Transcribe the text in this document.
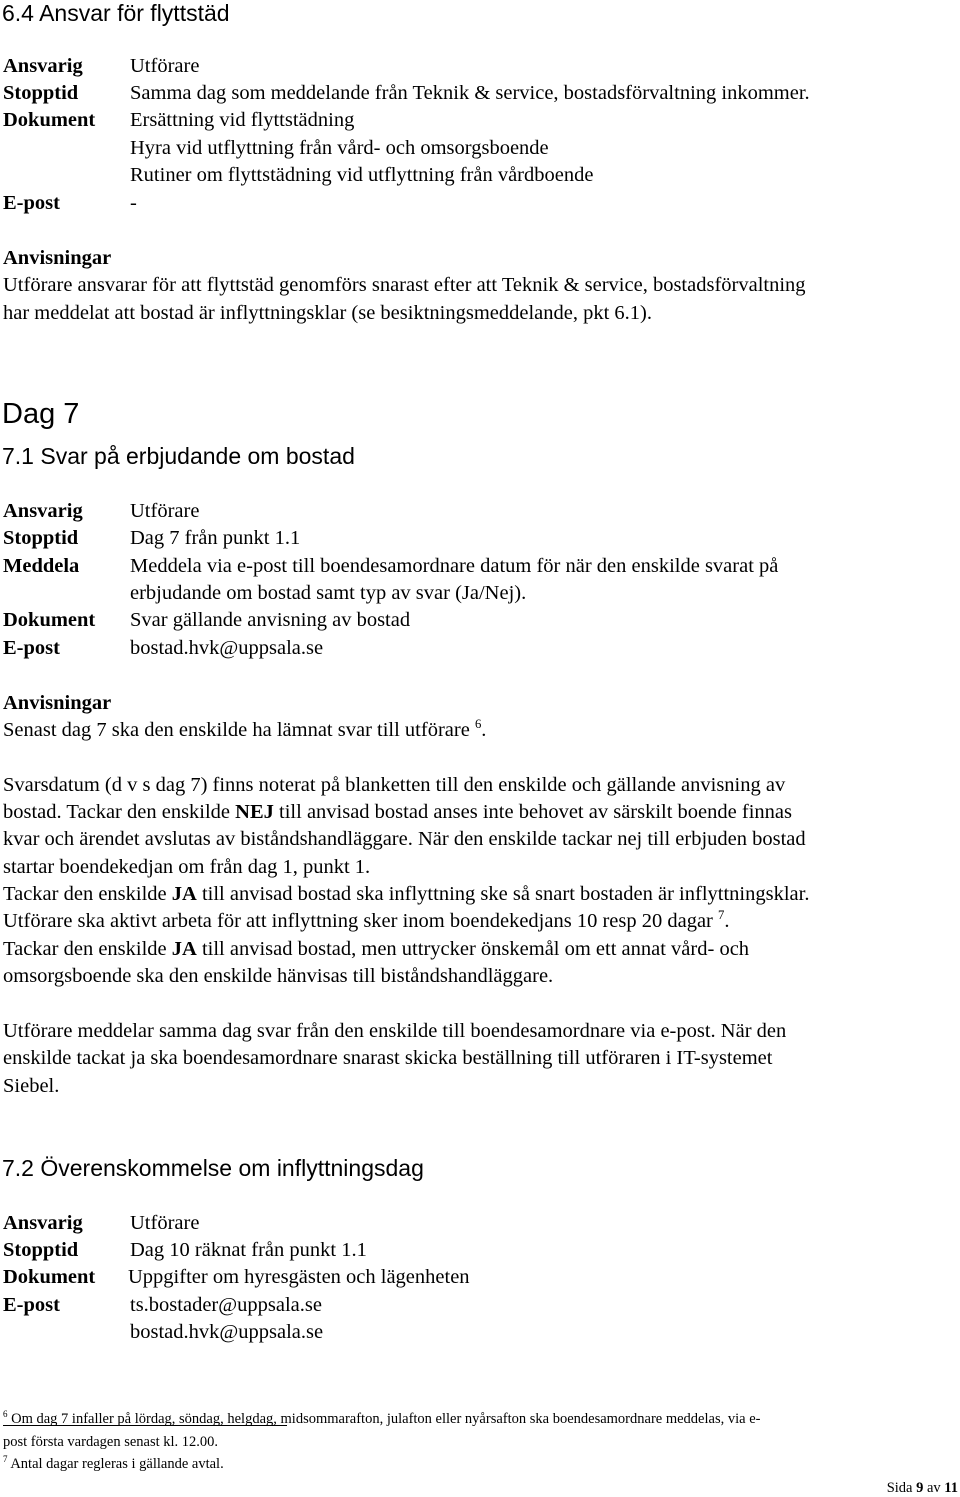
6.4 Ansvar för flyttstäd
Ansvarig Utförare
Stopptid	Samma dag som meddelande från Teknik & service, bostadsförvaltning inkommer.
Dokument Ersättning vid flyttstädning
Hyra vid utflyttning från vård- och omsorgsboende
Rutiner om flyttstädning vid utflyttning från vårdboende
E-post	-
Anvisningar
Utförare ansvarar för att flyttstäd genomförs snarast efter att Teknik & service, bostadsförvaltning
har meddelat att bostad är inflyttningsklar (se besiktningsmeddelande, pkt 6.1).
Dag 7
7.1 Svar på erbjudande om bostad
Ansvarig Utförare
Stopptid	Dag 7 från punkt 1.1
Meddela Meddela via e-post till boendesamordnare datum för när den enskilde svarat på
erbjudande om bostad samt typ av svar (Ja/Nej).
Dokument Svar gällande anvisning av bostad
E-post	bostad.hvk@uppsala.se
Anvisningar
Senast dag 7 ska den enskilde ha lämnat svar till utförare $^6$.
Svarsdatum (d v s dag 7) finns noterat på blanketten till den enskilde och gällande anvisning av
bostad. Tackar den enskilde NEJ till anvisad bostad anses inte behovet av särskilt boende finnas
kvar och ärendet avslutas av biståndshandläggare. När den enskilde tackar nej till erbjuden bostad
startar boendekedjan om från dag 1, punkt 1.
Tackar den enskilde JA till anvisad bostad ska inflyttning ske så snart bostaden är inflyttningsklar.
Utförare ska aktivt arbeta för att inflyttning sker inom boendekedjans 10 resp 20 dagar $^7$.
Tackar den enskilde JA till anvisad bostad, men uttrycker önskemål om ett annat vård- och
omsorgsboende ska den enskilde hänvisas till biståndshandläggare.
Utförare meddelar samma dag svar från den enskilde till boendesamordnare via e-post. När den
enskilde tackat ja ska boendesamordnare snarast skicka beställning till utföraren i IT-systemet
Siebel.
7.2 Överenskommelse om inflyttningsdag
Ansvarig Utförare
Stopptid	Dag 10 räknat från punkt 1.1
Dokument Uppgifter om hyresgästen och lägenheten
E-post	ts.bostader@uppsala.se
bostad.hvk@uppsala.se
$^6$ Om dag 7 infaller på lördag, söndag, helgdag, midsommarafton, julafton eller nyårsafton ska boendesamordnare meddelas, via e-
post första vardagen senast kl. 12.00.
$^7$ Antal dagar regleras i gällande avtal.
Sida 9 av 11
